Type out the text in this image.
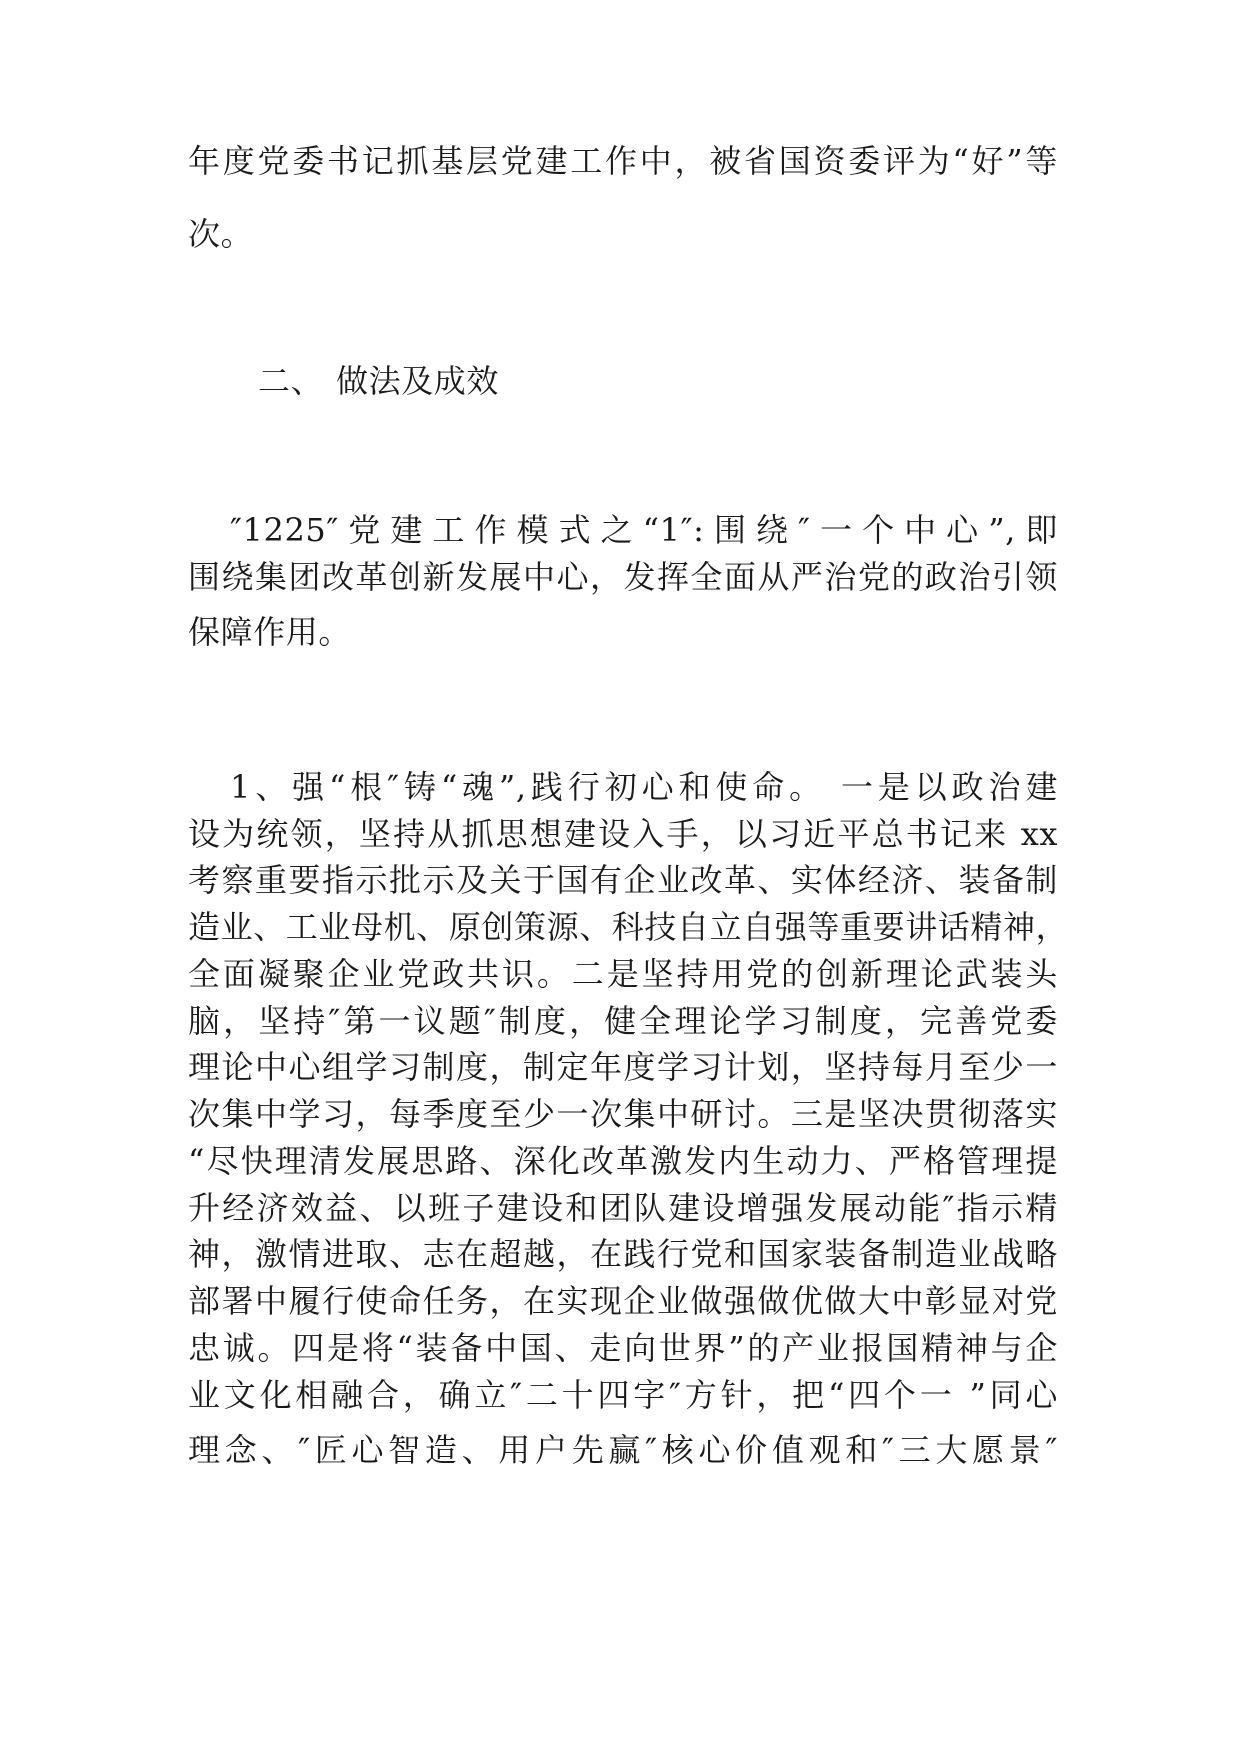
年度党委书记抓基层党建工作中，被省国资委评为“好”等
次。
二、 做法及成效
″1225″党建工作模式之“1″:围绕″一个中心”,即
围绕集团改革创新发展中心，发挥全面从严治党的政治引领
保障作用。
1、强“根″铸“魂”,践行初心和使命。 一是以政治建
设为统领，坚持从抓思想建设入手，以习近平总书记来 xx
考察重要指示批示及关于国有企业改革、实体经济、装备制
造业、工业母机、原创策源、科技自立自强等重要讲话精神，
全面凝聚企业党政共识。二是坚持用党的创新理论武装头
脑，坚持″第一议题″制度，健全理论学习制度，完善党委
理论中心组学习制度，制定年度学习计划，坚持每月至少一
次集中学习，每季度至少一次集中研讨。三是坚决贯彻落实
“尽快理清发展思路、深化改革激发内生动力、严格管理提
升经济效益、以班子建设和团队建设增强发展动能″指示精
神，激情进取、志在超越，在践行党和国家装备制造业战略
部署中履行使命任务，在实现企业做强做优做大中彰显对党
忠诚。四是将“装备中国、走向世界”的产业报国精神与企
业文化相融合，确立″二十四字″方针，把“四个一 ”同心
理念、″匠心智造、用户先赢″核心价值观和″三大愿景″
